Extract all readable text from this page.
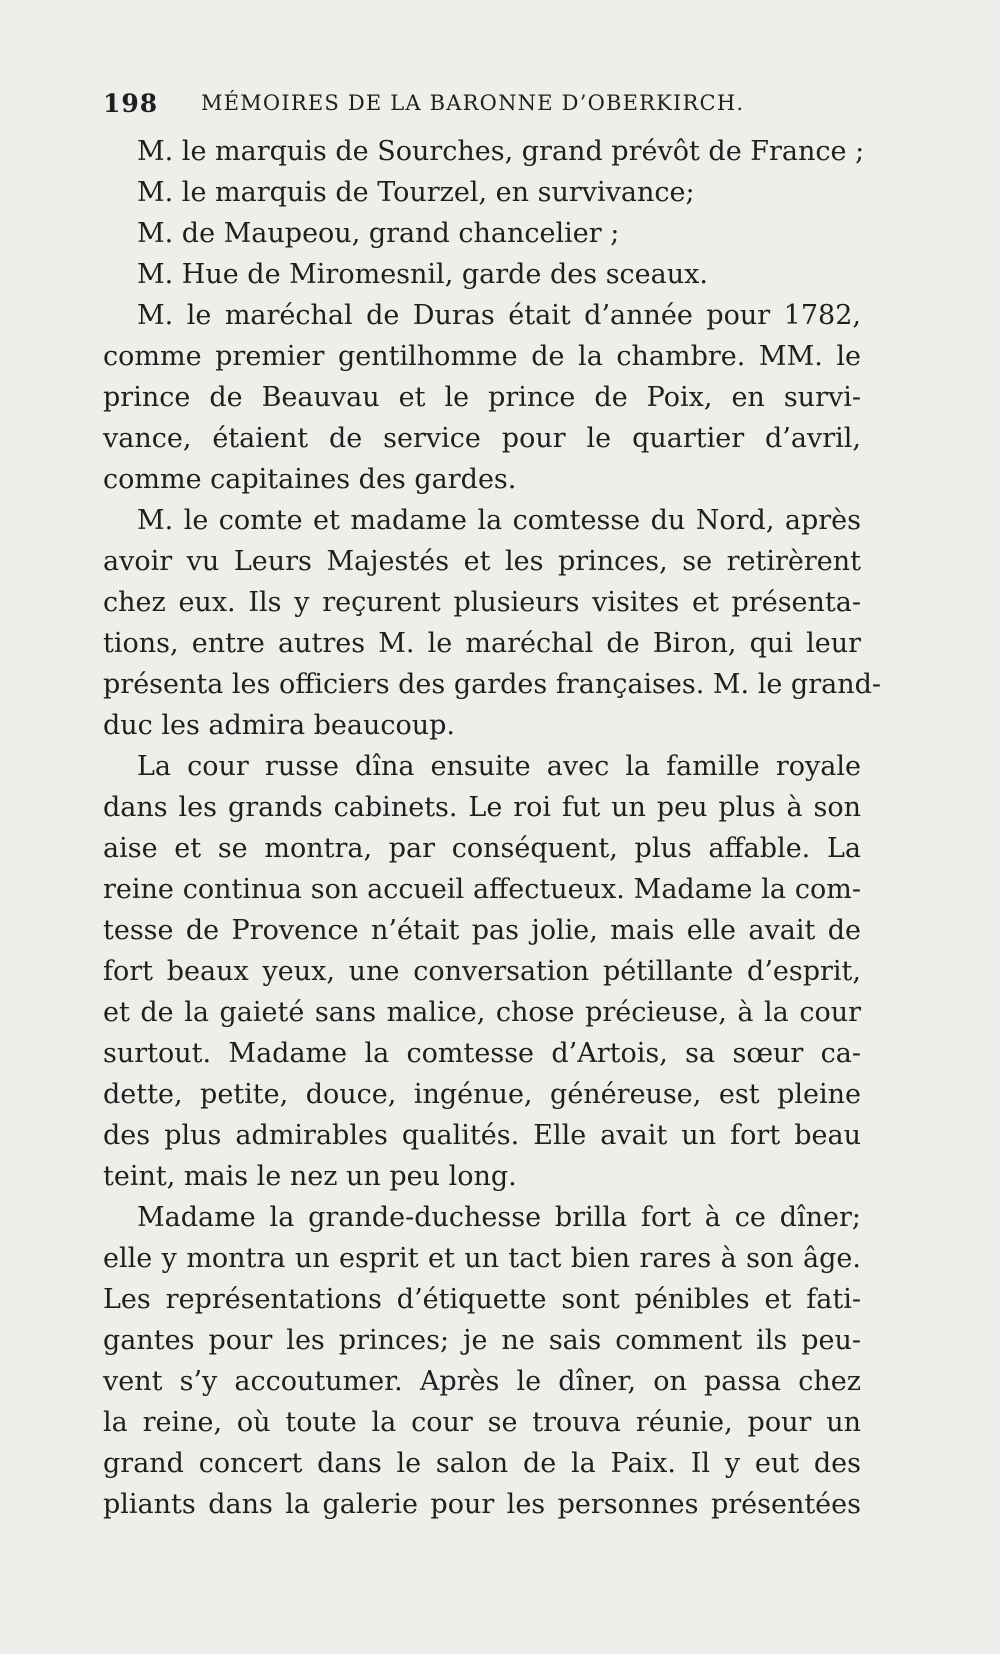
198 MÉMOIRES DE LA BARONNE D’OBERKIRCH.
M. le marquis de Sourches, grand prévôt de France ;
M. le marquis de Tourzel, en survivance;
M. de Maupeou, grand chancelier ;
M. Hue de Miromesnil, garde des sceaux.
M. le maréchal de Duras était d’année pour 1782,
comme premier gentilhomme de la chambre. MM. le
prince de Beauvau et le prince de Poix, en survi-
vance, étaient de service pour le quartier d’avril,
comme capitaines des gardes.
M. le comte et madame la comtesse du Nord, après
avoir vu Leurs Majestés et les princes, se retirèrent
chez eux. Ils y reçurent plusieurs visites et présenta-
tions, entre autres M. le maréchal de Biron, qui leur
présenta les officiers des gardes françaises. M. le grand-
duc les admira beaucoup.
La cour russe dîna ensuite avec la famille royale
dans les grands cabinets. Le roi fut un peu plus à son
aise et se montra, par conséquent, plus affable. La
reine continua son accueil affectueux. Madame la com-
tesse de Provence n’était pas jolie, mais elle avait de
fort beaux yeux, une conversation pétillante d’esprit,
et de la gaieté sans malice, chose précieuse, à la cour
surtout. Madame la comtesse d’Artois, sa sœur ca-
dette, petite, douce, ingénue, généreuse, est pleine
des plus admirables qualités. Elle avait un fort beau
teint, mais le nez un peu long.
Madame la grande-duchesse brilla fort à ce dîner;
elle y montra un esprit et un tact bien rares à son âge.
Les représentations d’étiquette sont pénibles et fati-
gantes pour les princes; je ne sais comment ils peu-
vent s’y accoutumer. Après le dîner, on passa chez
la reine, où toute la cour se trouva réunie, pour un
grand concert dans le salon de la Paix. Il y eut des
pliants dans la galerie pour les personnes présentées
